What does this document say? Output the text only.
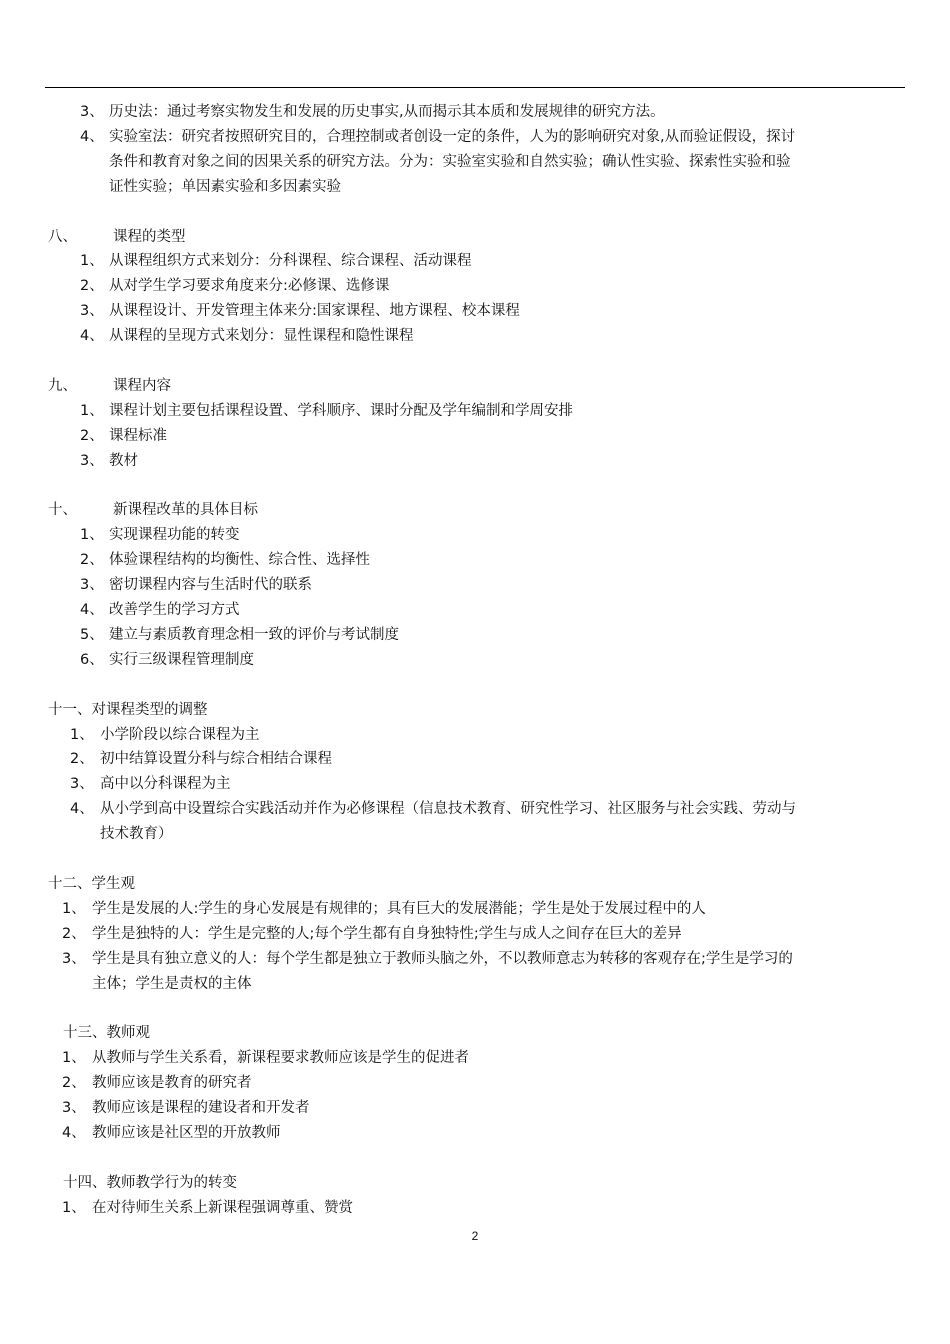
3、 历史法：通过考察实物发生和发展的历史事实,从而揭示其本质和发展规律的研究方法。
4、 实验室法：研究者按照研究目的，合理控制或者创设一定的条件，人为的影响研究对象,从而验证假设，探讨
条件和教育对象之间的因果关系的研究方法。分为：实验室实验和自然实验；确认性实验、探索性实验和验
证性实验；单因素实验和多因素实验
八、 课程的类型
1、 从课程组织方式来划分：分科课程、综合课程、活动课程
2、 从对学生学习要求角度来分:必修课、选修课
3、 从课程设计、开发管理主体来分:国家课程、地方课程、校本课程
4、 从课程的呈现方式来划分：显性课程和隐性课程
九、 课程内容
1、 课程计划主要包括课程设置、学科顺序、课时分配及学年编制和学周安排
2、 课程标准
3、 教材
十、 新课程改革的具体目标
1、 实现课程功能的转变
2、 体验课程结构的均衡性、综合性、选择性
3、 密切课程内容与生活时代的联系
4、 改善学生的学习方式
5、 建立与素质教育理念相一致的评价与考试制度
6、 实行三级课程管理制度
十一、对课程类型的调整
1、 小学阶段以综合课程为主
2、 初中结算设置分科与综合相结合课程
3、 高中以分科课程为主
4、 从小学到高中设置综合实践活动并作为必修课程（信息技术教育、研究性学习、社区服务与社会实践、劳动与
技术教育）
十二、学生观
1、 学生是发展的人:学生的身心发展是有规律的；具有巨大的发展潜能；学生是处于发展过程中的人
2、 学生是独特的人：学生是完整的人;每个学生都有自身独特性;学生与成人之间存在巨大的差异
3、 学生是具有独立意义的人：每个学生都是独立于教师头脑之外，不以教师意志为转移的客观存在;学生是学习的
主体；学生是责权的主体
十三、教师观
1、 从教师与学生关系看，新课程要求教师应该是学生的促进者
2、 教师应该是教育的研究者
3、 教师应该是课程的建设者和开发者
4、 教师应该是社区型的开放教师
十四、教师教学行为的转变
1、 在对待师生关系上新课程强调尊重、赞赏
2
